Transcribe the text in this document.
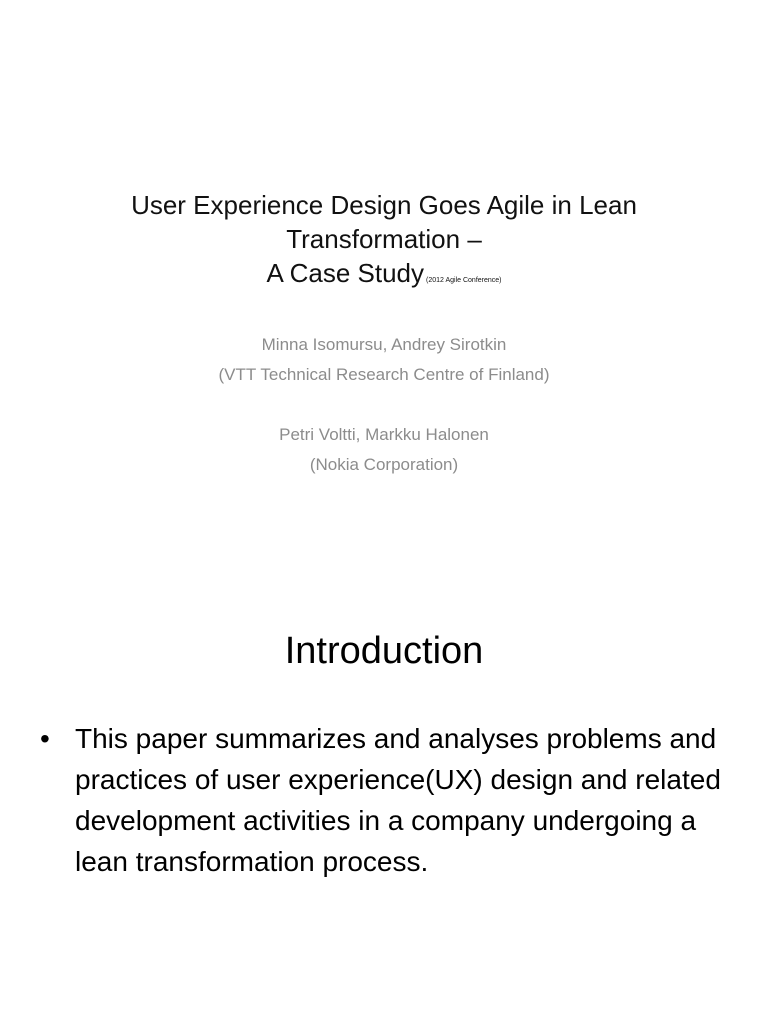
User Experience Design Goes Agile in Lean
Transformation –
A Case Study (2012 Agile Conference)
Minna Isomursu, Andrey Sirotkin
(VTT Technical Research Centre of Finland)
Petri Voltti, Markku Halonen
(Nokia Corporation)
Introduction
• This paper summarizes and analyses problems and practices of user experience(UX) design and related development activities in a company undergoing a lean transformation process.
